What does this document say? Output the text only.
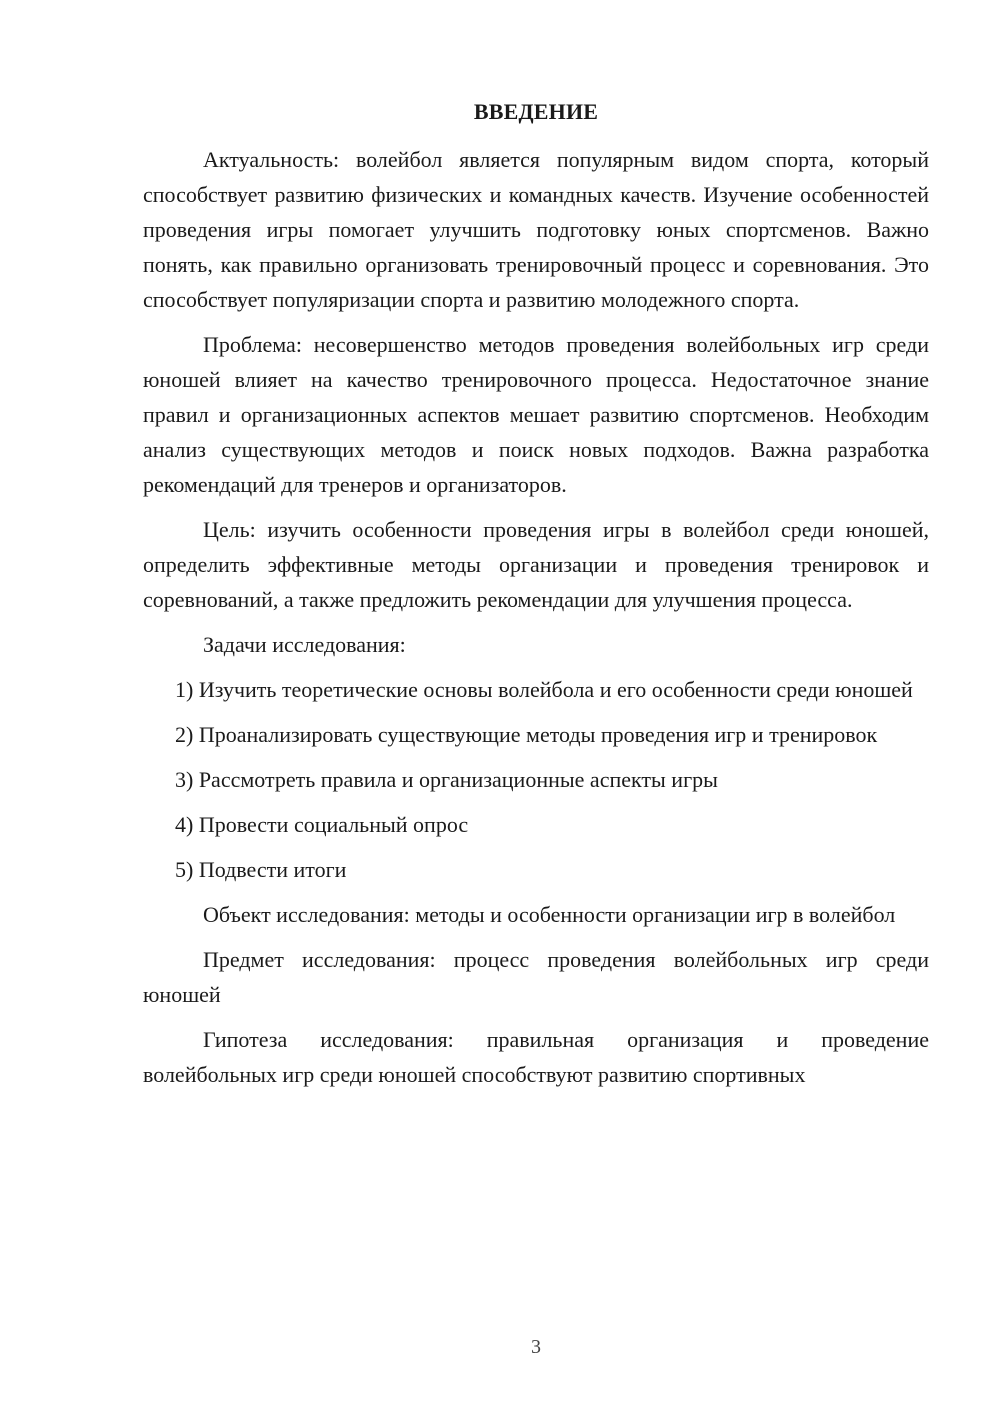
ВВЕДЕНИЕ

Актуальность: волейбол является популярным видом спорта, который способствует развитию физических и командных качеств. Изучение особенностей проведения игры помогает улучшить подготовку юных спортсменов. Важно понять, как правильно организовать тренировочный процесс и соревнования. Это способствует популяризации спорта и развитию молодежного спорта.

Проблема: несовершенство методов проведения волейбольных игр среди юношей влияет на качество тренировочного процесса. Недостаточное знание правил и организационных аспектов мешает развитию спортсменов. Необходим анализ существующих методов и поиск новых подходов. Важна разработка рекомендаций для тренеров и организаторов.

Цель: изучить особенности проведения игры в волейбол среди юношей, определить эффективные методы организации и проведения тренировок и соревнований, а также предложить рекомендации для улучшения процесса.

Задачи исследования:

1) Изучить теоретические основы волейбола и его особенности среди юношей

2) Проанализировать существующие методы проведения игр и тренировок

3) Рассмотреть правила и организационные аспекты игры

4) Провести социальный опрос

5) Подвести итоги

Объект исследования: методы и особенности организации игр в волейбол

Предмет исследования: процесс проведения волейбольных игр среди юношей

Гипотеза исследования: правильная организация и проведение волейбольных игр среди юношей способствуют развитию спортивных

3
